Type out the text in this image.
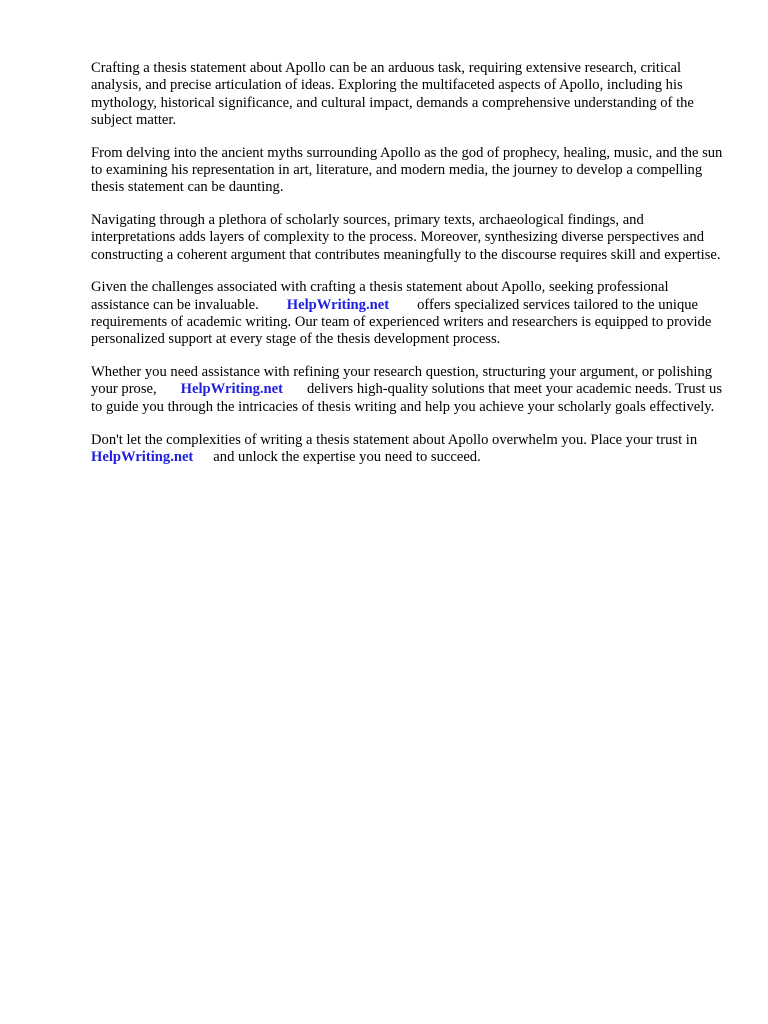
Crafting a thesis statement about Apollo can be an arduous task, requiring extensive research, critical analysis, and precise articulation of ideas. Exploring the multifaceted aspects of Apollo, including his mythology, historical significance, and cultural impact, demands a comprehensive understanding of the subject matter.

From delving into the ancient myths surrounding Apollo as the god of prophecy, healing, music, and the sun to examining his representation in art, literature, and modern media, the journey to develop a compelling thesis statement can be daunting.

Navigating through a plethora of scholarly sources, primary texts, archaeological findings, and interpretations adds layers of complexity to the process. Moreover, synthesizing diverse perspectives and constructing a coherent argument that contributes meaningfully to the discourse requires skill and expertise.

Given the challenges associated with crafting a thesis statement about Apollo, seeking professional assistance can be invaluable. HelpWriting.net offers specialized services tailored to the unique requirements of academic writing. Our team of experienced writers and researchers is equipped to provide personalized support at every stage of the thesis development process.

Whether you need assistance with refining your research question, structuring your argument, or polishing your prose, HelpWriting.net delivers high-quality solutions that meet your academic needs. Trust us to guide you through the intricacies of thesis writing and help you achieve your scholarly goals effectively.

Don't let the complexities of writing a thesis statement about Apollo overwhelm you. Place your trust inHelpWriting.net and unlock the expertise you need to succeed.
